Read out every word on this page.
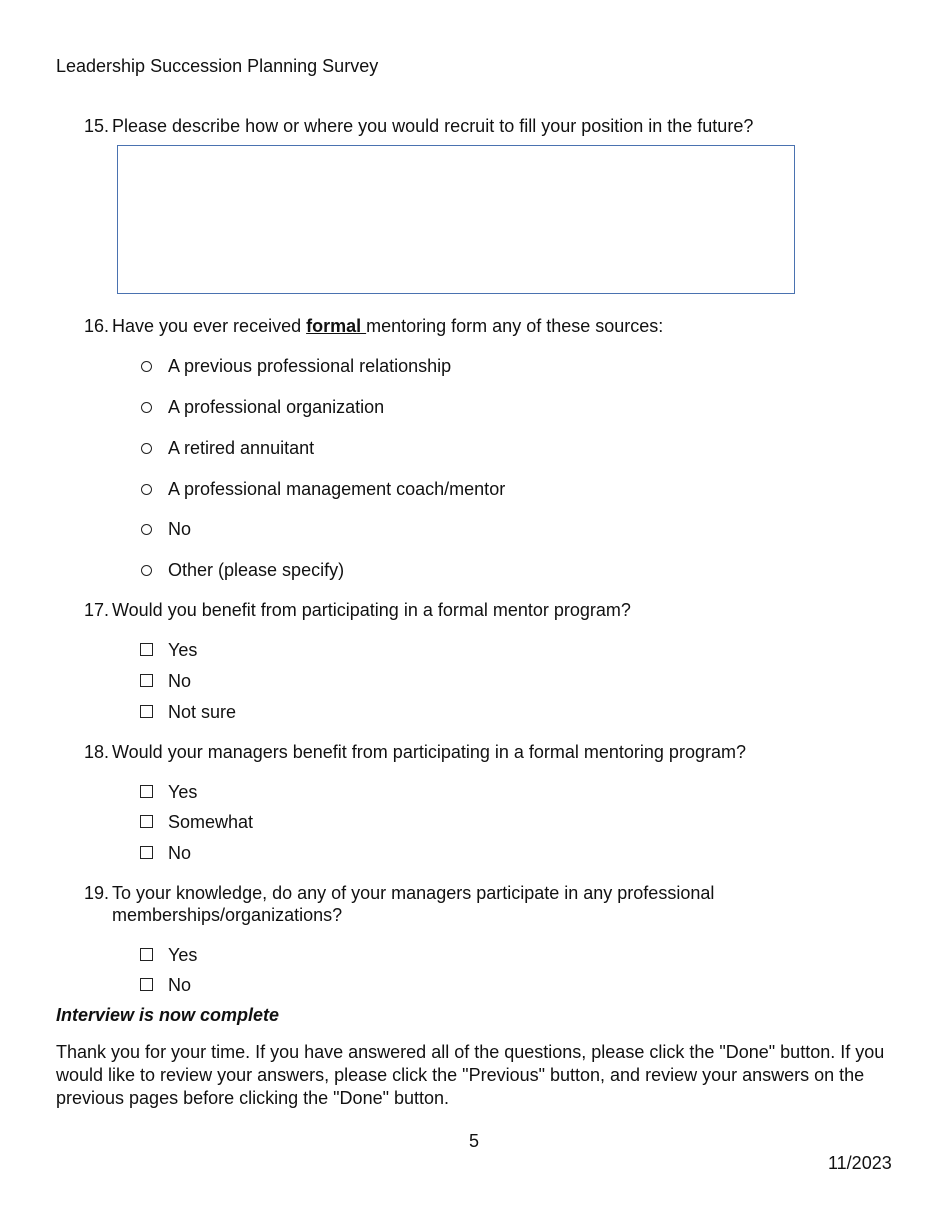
Leadership Succession Planning Survey
15. Please describe how or where you would recruit to fill your position in the future?
16. Have you ever received formal mentoring form any of these sources:
A previous professional relationship
A professional organization
A retired annuitant
A professional management coach/mentor
No
Other (please specify)
17. Would you benefit from participating in a formal mentor program?
Yes
No
Not sure
18. Would your managers benefit from participating in a formal mentoring program?
Yes
Somewhat
No
19. To your knowledge, do any of your managers participate in any professional
memberships/organizations?
Yes
No
Interview is now complete
Thank you for your time. If you have answered all of the questions, please click the "Done" button. If you would like to review your answers, please click the "Previous" button, and review your answers on the previous pages before clicking the "Done" button.
5
11/2023
